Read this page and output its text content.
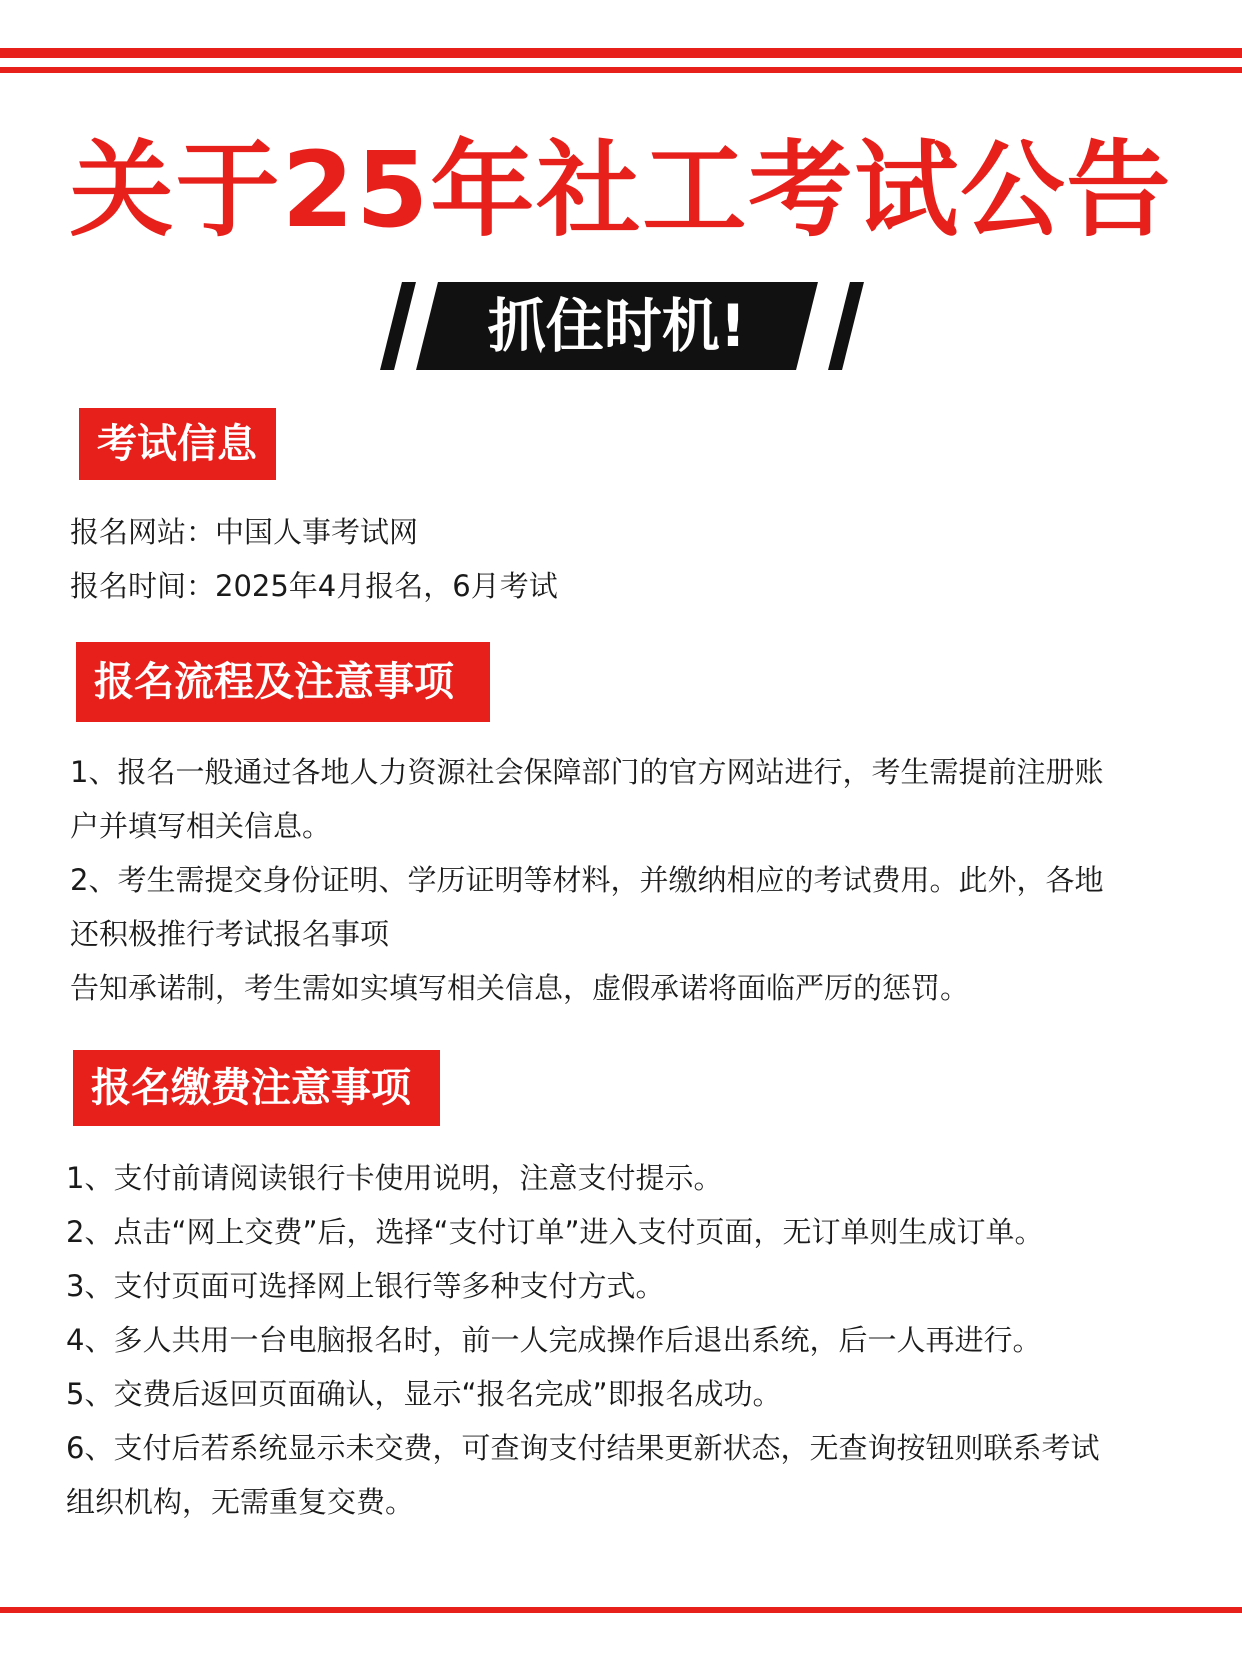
关于25年社工考试公告
抓住时机!
考试信息
报名网站：中国人事考试网
报名时间：2025年4月报名，6月考试
报名流程及注意事项
1、报名一般通过各地人力资源社会保障部门的官方网站进行，考生需提前注册账
户并填写相关信息。
2、考生需提交身份证明、学历证明等材料，并缴纳相应的考试费用。此外，各地
还积极推行考试报名事项
告知承诺制，考生需如实填写相关信息，虚假承诺将面临严厉的惩罚。
报名缴费注意事项
1、支付前请阅读银行卡使用说明，注意支付提示。
2、点击“网上交费”后，选择“支付订单”进入支付页面，无订单则生成订单。
3、支付页面可选择网上银行等多种支付方式。
4、多人共用一台电脑报名时，前一人完成操作后退出系统，后一人再进行。
5、交费后返回页面确认，显示“报名完成”即报名成功。
6、支付后若系统显示未交费，可查询支付结果更新状态，无查询按钮则联系考试
组织机构，无需重复交费。
